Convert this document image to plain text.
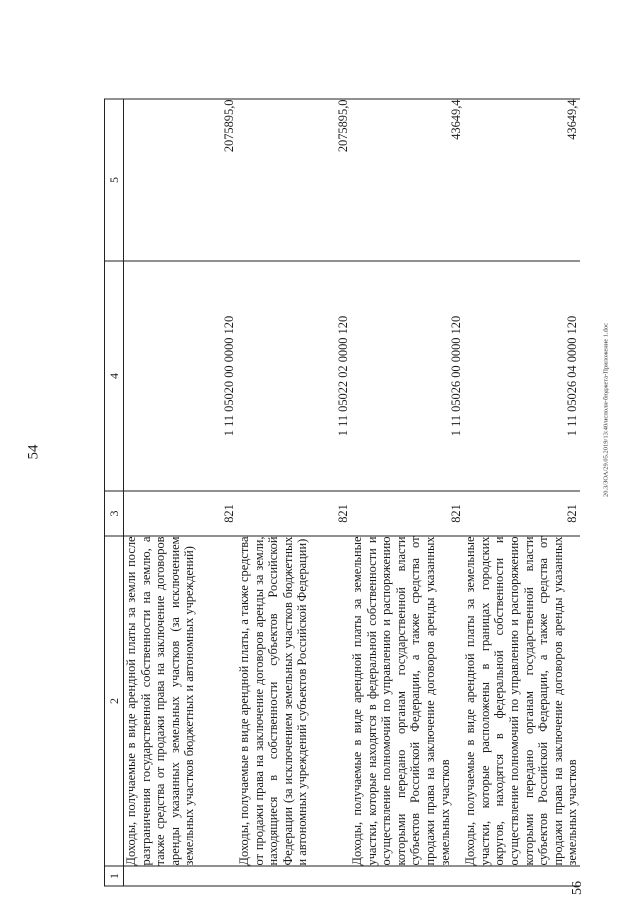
54
1	2	3	4	5
	Доходы, получаемые в виде арендной платы за земли после разграничения государственной собственности на землю, а также средства от продажи права на заключение договоров аренды указанных земельных участков (за исключением земельных участков бюджетных и автономных учреждений)	821	1 11 05020 00 0000 120	2075895,0
	Доходы, получаемые в виде арендной платы, а также средства от продажи права на заключение договоров аренды за земли, находящиеся в собственности субъектов Российской Федерации (за исключением земельных участков бюджетных и автономных учреждений субъектов Российской Федерации)	821	1 11 05022 02 0000 120	2075895,0
	Доходы, получаемые в виде арендной платы за земельные участки, которые находятся в федеральной собственности и осуществление полномочий по управлению и распоряжению которыми передано органам государственной власти субъектов Российской Федерации, а также средства от продажи права на заключение договоров аренды указанных земельных участков	821	1 11 05026 00 0000 120	43649,4
	Доходы, получаемые в виде арендной платы за земельные участки, которые расположены в границах городских округов, находятся в федеральной собственности и осуществление полномочий по управлению и распоряжению которыми передано органам государственной власти субъектов Российской Федерации, а также средства от продажи права на заключение договоров аренды указанных земельных участков	821	1 11 05026 04 0000 120	43649,4
20.3/ЗОА/29.05.2019/13:40/исполн-бюджета-Приложение 1.doc
56
